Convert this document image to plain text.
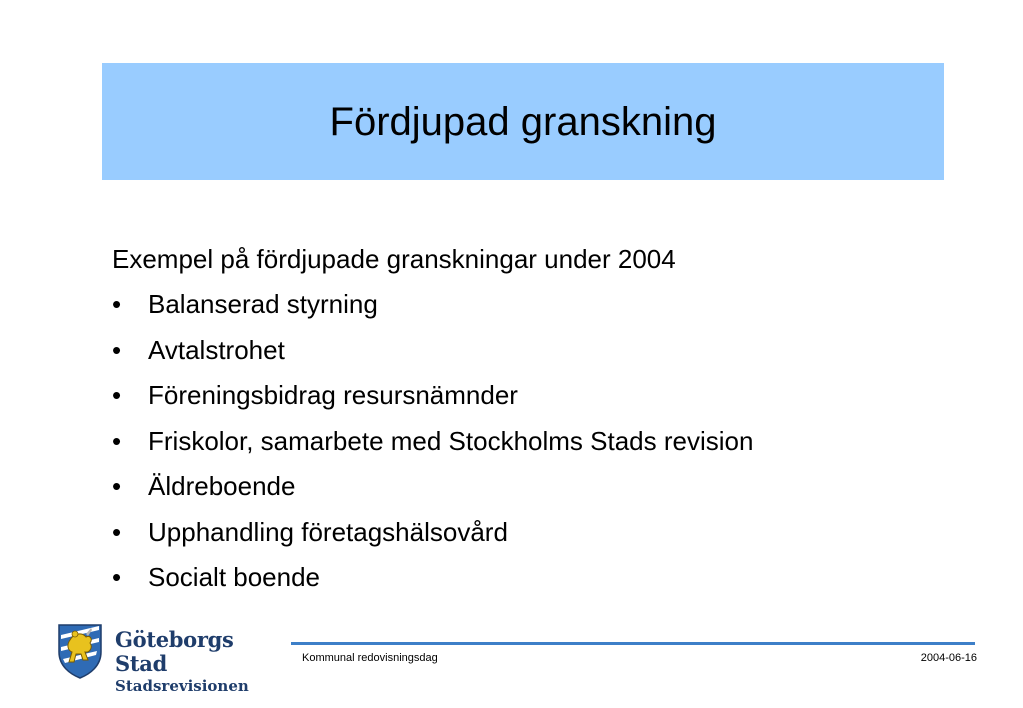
Fördjupad granskning

Exempel på fördjupade granskningar under 2004

•	Balanserad styrning
•	Avtalstrohet
•	Föreningsbidrag resursnämnder
•	Friskolor, samarbete med Stockholms Stads revision
•	Äldreboende
•	Upphandling företagshälsovård
•	Socialt boende
Göteborgs Stad
Stadsrevisionen
Kommunal redovisningsdag	2004-06-16
